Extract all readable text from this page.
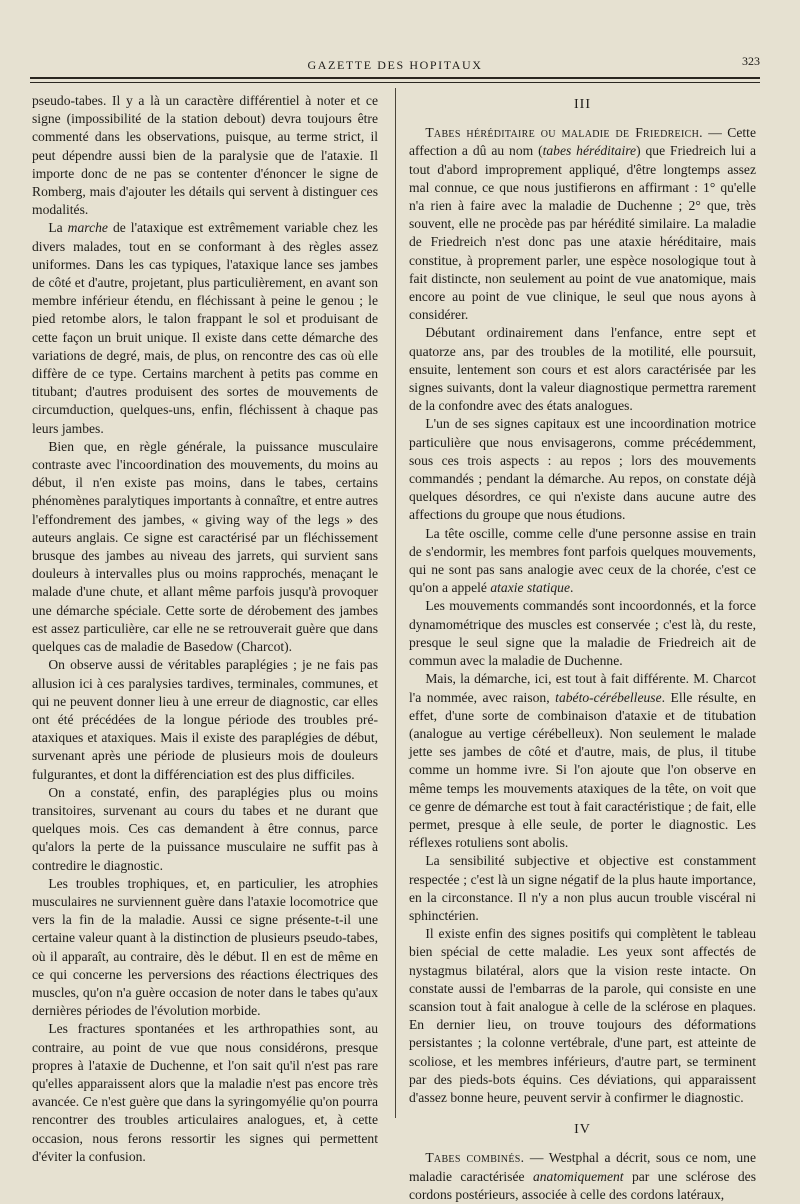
GAZETTE DES HOPITAUX	323

pseudo-tabes. Il y a là un caractère différentiel à noter et ce signe (impossibilité de la station debout) devra toujours être commenté dans les observations, puisque, au terme strict, il peut dépendre aussi bien de la paralysie que de l'ataxie. Il importe donc de ne pas se contenter d'énoncer le signe de Romberg, mais d'ajouter les détails qui servent à distinguer ces modalités.

La marche de l'ataxique est extrêmement variable chez les divers malades, tout en se conformant à des règles assez uniformes. Dans les cas typiques, l'ataxique lance ses jambes de côté et d'autre, projetant, plus particulièrement, en avant son membre inférieur étendu, en fléchissant à peine le genou ; le pied retombe alors, le talon frappant le sol et produisant de cette façon un bruit unique. Il existe dans cette démarche des variations de degré, mais, de plus, on rencontre des cas où elle diffère de ce type. Certains marchent à petits pas comme en titubant; d'autres produisent des sortes de mouvements de circumduction, quelques-uns, enfin, fléchissent à chaque pas leurs jambes.

Bien que, en règle générale, la puissance musculaire contraste avec l'incoordination des mouvements, du moins au début, il n'en existe pas moins, dans le tabes, certains phénomènes paralytiques importants à connaître, et entre autres l'effondrement des jambes, « giving way of the legs » des auteurs anglais. Ce signe est caractérisé par un fléchissement brusque des jambes au niveau des jarrets, qui survient sans douleurs à intervalles plus ou moins rapprochés, menaçant le malade d'une chute, et allant même parfois jusqu'à provoquer une démarche spéciale. Cette sorte de dérobement des jambes est assez particulière, car elle ne se retrouverait guère que dans quelques cas de maladie de Basedow (Charcot).

On observe aussi de véritables paraplégies ; je ne fais pas allusion ici à ces paralysies tardives, terminales, communes, et qui ne peuvent donner lieu à une erreur de diagnostic, car elles ont été précédées de la longue période des troubles pré-ataxiques et ataxiques. Mais il existe des paraplégies de début, survenant après une période de plusieurs mois de douleurs fulgurantes, et dont la différenciation est des plus difficiles.

On a constaté, enfin, des paraplégies plus ou moins transitoires, survenant au cours du tabes et ne durant que quelques mois. Ces cas demandent à être connus, parce qu'alors la perte de la puissance musculaire ne suffit pas à contredire le diagnostic.

Les troubles trophiques, et, en particulier, les atrophies musculaires ne surviennent guère dans l'ataxie locomotrice que vers la fin de la maladie. Aussi ce signe présente-t-il une certaine valeur quant à la distinction de plusieurs pseudo-tabes, où il apparaît, au contraire, dès le début. Il en est de même en ce qui concerne les perversions des réactions électriques des muscles, qu'on n'a guère occasion de noter dans le tabes qu'aux dernières périodes de l'évolution morbide.

Les fractures spontanées et les arthropathies sont, au contraire, au point de vue que nous considérons, presque propres à l'ataxie de Duchenne, et l'on sait qu'il n'est pas rare qu'elles apparaissent alors que la maladie n'est pas encore très avancée. Ce n'est guère que dans la syringomyélie qu'on pourra rencontrer des troubles articulaires analogues, et, à cette occasion, nous ferons ressortir les signes qui permettent d'éviter la confusion.

III

Tabes héréditaire ou maladie de Friedreich. — Cette affection a dû au nom (tabes héréditaire) que Friedreich lui a tout d'abord improprement appliqué, d'être longtemps assez mal connue, ce que nous justifierons en affirmant : 1° qu'elle n'a rien à faire avec la maladie de Duchenne ; 2° que, très souvent, elle ne procède pas par hérédité similaire. La maladie de Friedreich n'est donc pas une ataxie héréditaire, mais constitue, à proprement parler, une espèce nosologique tout à fait distincte, non seulement au point de vue anatomique, mais encore au point de vue clinique, le seul que nous ayons à considérer.

Débutant ordinairement dans l'enfance, entre sept et quatorze ans, par des troubles de la motilité, elle poursuit, ensuite, lentement son cours et est alors caractérisée par les signes suivants, dont la valeur diagnostique permettra rarement de la confondre avec des états analogues.

L'un de ses signes capitaux est une incoordination motrice particulière que nous envisagerons, comme précédemment, sous ces trois aspects : au repos ; lors des mouvements commandés ; pendant la démarche. Au repos, on constate déjà quelques désordres, ce qui n'existe dans aucune autre des affections du groupe que nous étudions.

La tête oscille, comme celle d'une personne assise en train de s'endormir, les membres font parfois quelques mouvements, qui ne sont pas sans analogie avec ceux de la chorée, c'est ce qu'on a appelé ataxie statique.

Les mouvements commandés sont incoordonnés, et la force dynamométrique des muscles est conservée ; c'est là, du reste, presque le seul signe que la maladie de Friedreich ait de commun avec la maladie de Duchenne.

Mais, la démarche, ici, est tout à fait différente. M. Charcot l'a nommée, avec raison, tabéto-cérébelleuse. Elle résulte, en effet, d'une sorte de combinaison d'ataxie et de titubation (analogue au vertige cérébelleux). Non seulement le malade jette ses jambes de côté et d'autre, mais, de plus, il titube comme un homme ivre. Si l'on ajoute que l'on observe en même temps les mouvements ataxiques de la tête, on voit que ce genre de démarche est tout à fait caractéristique ; de fait, elle permet, presque à elle seule, de porter le diagnostic. Les réflexes rotuliens sont abolis.

La sensibilité subjective et objective est constamment respectée ; c'est là un signe négatif de la plus haute importance, en la circonstance. Il n'y a non plus aucun trouble viscéral ni sphinctérien.

Il existe enfin des signes positifs qui complètent le tableau bien spécial de cette maladie. Les yeux sont affectés de nystagmus bilatéral, alors que la vision reste intacte. On constate aussi de l'embarras de la parole, qui consiste en une scansion tout à fait analogue à celle de la sclérose en plaques. En dernier lieu, on trouve toujours des déformations persistantes ; la colonne vertébrale, d'une part, est atteinte de scoliose, et les membres inférieurs, d'autre part, se terminent par des pieds-bots équins. Ces déviations, qui apparaissent d'assez bonne heure, peuvent servir à confirmer le diagnostic.

IV

Tabes combinés. — Westphal a décrit, sous ce nom, une maladie caractérisée anatomiquement par une sclérose des cordons postérieurs, associée à celle des cordons latéraux,
